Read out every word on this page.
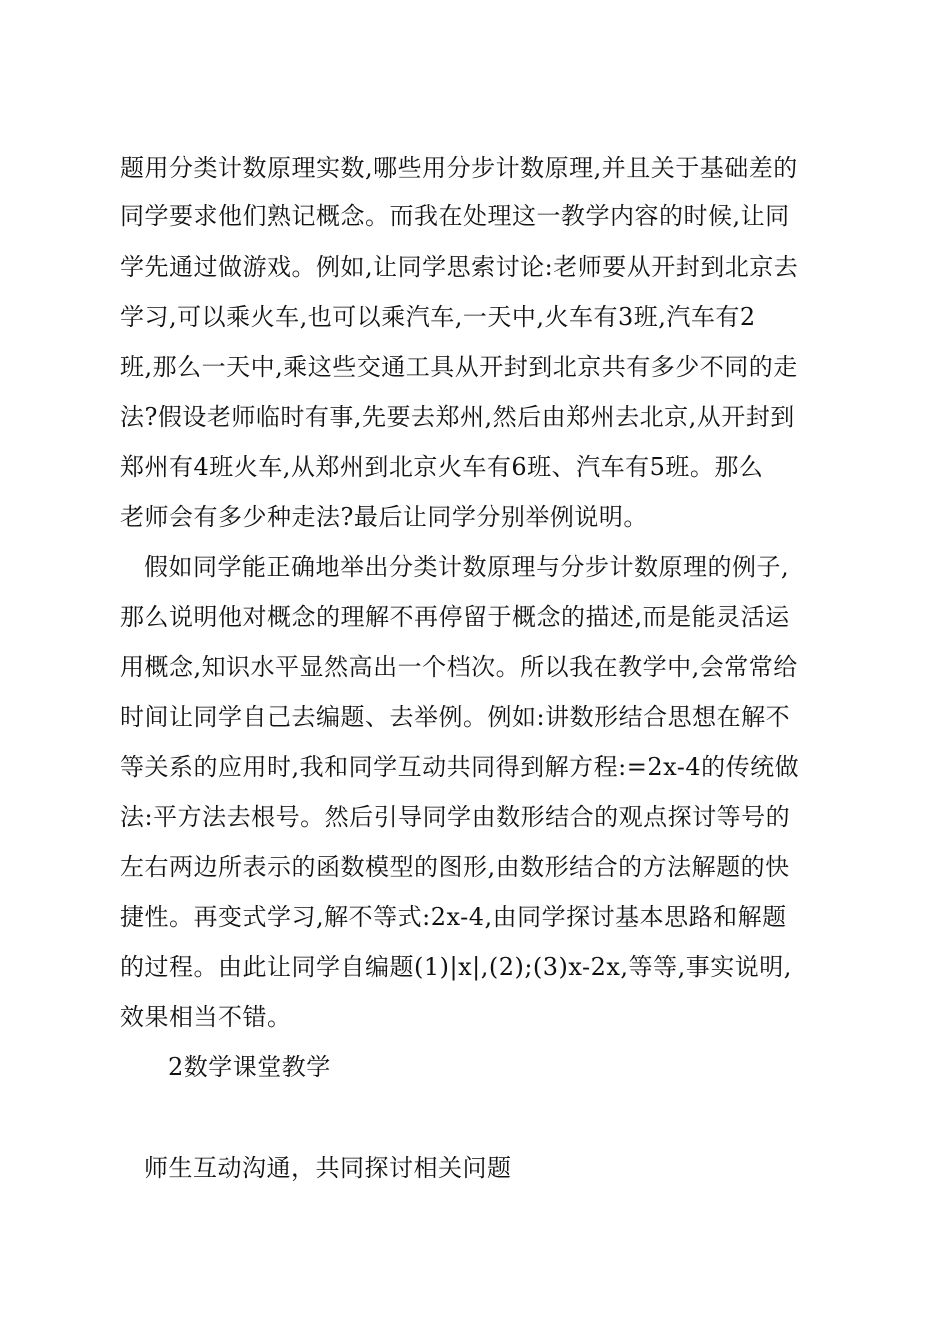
题用分类计数原理实数,哪些用分步计数原理,并且关于基础差的
同学要求他们熟记概念。而我在处理这一教学内容的时候,让同
学先通过做游戏。例如,让同学思索讨论:老师要从开封到北京去
学习,可以乘火车,也可以乘汽车,一天中,火车有3班,汽车有2
班,那么一天中,乘这些交通工具从开封到北京共有多少不同的走
法?假设老师临时有事,先要去郑州,然后由郑州去北京,从开封到
郑州有4班火车,从郑州到北京火车有6班、汽车有5班。那么
老师会有多少种走法?最后让同学分别举例说明。
假如同学能正确地举出分类计数原理与分步计数原理的例子,
那么说明他对概念的理解不再停留于概念的描述,而是能灵活运
用概念,知识水平显然高出一个档次。所以我在教学中,会常常给
时间让同学自己去编题、去举例。例如:讲数形结合思想在解不
等关系的应用时,我和同学互动共同得到解方程:=2x-4的传统做
法:平方法去根号。然后引导同学由数形结合的观点探讨等号的
左右两边所表示的函数模型的图形,由数形结合的方法解题的快
捷性。再变式学习,解不等式:2x-4,由同学探讨基本思路和解题
的过程。由此让同学自编题(1)|x|,(2);(3)x-2x,等等,事实说明,
效果相当不错。
2数学课堂教学
师生互动沟通，共同探讨相关问题
